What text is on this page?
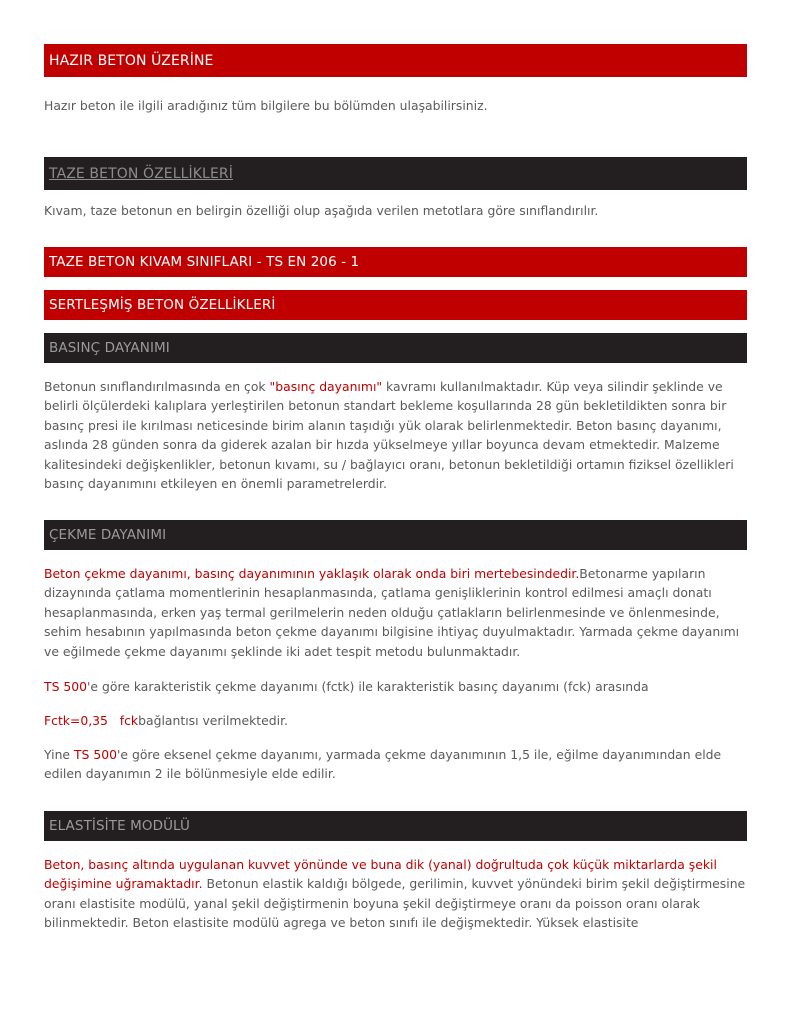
HAZIR BETON ÜZERİNE

Hazır beton ile ilgili aradığınız tüm bilgilere bu bölümden ulaşabilirsiniz.

TAZE BETON ÖZELLİKLERİ

Kıvam, taze betonun en belirgin özelliği olup aşağıda verilen metotlara göre sınıflandırılır.

TAZE BETON KIVAM SINIFLARI - TS EN 206 - 1
SERTLEŞMİŞ BETON ÖZELLİKLERİ
BASINÇ DAYANIMI

Betonun sınıflandırılmasında en çok "basınç dayanımı" kavramı kullanılmaktadır. Küp veya silindir şeklinde ve belirli ölçülerdeki kalıplara yerleştirilen betonun standart bekleme koşullarında 28 gün bekletildikten sonra bir basınç presi ile kırılması neticesinde birim alanın taşıdığı yük olarak belirlenmektedir. Beton basınç dayanımı, aslında 28 günden sonra da giderek azalan bir hızda yükselmeye yıllar boyunca devam etmektedir. Malzeme kalitesindeki değişkenlikler, betonun kıvamı, su / bağlayıcı oranı, betonun bekletildiği ortamın fiziksel özellikleri basınç dayanımını etkileyen en önemli parametrelerdir.

ÇEKME DAYANIMI

Beton çekme dayanımı, basınç dayanımının yaklaşık olarak onda biri mertebesindedir.Betonarme yapıların dizaynında çatlama momentlerinin hesaplanmasında, çatlama genişliklerinin kontrol edilmesi amaçlı donatı hesaplanmasında, erken yaş termal gerilmelerin neden olduğu çatlakların belirlenmesinde ve önlenmesinde, sehim hesabının yapılmasında beton çekme dayanımı bilgisine ihtiyaç duyulmaktadır. Yarmada çekme dayanımı ve eğilmede çekme dayanımı şeklinde iki adet tespit metodu bulunmaktadır.

TS 500'e göre karakteristik çekme dayanımı (fctk) ile karakteristik basınç dayanımı (fck) arasında

Fctk=0,35   fckbağlantısı verilmektedir.

Yine TS 500'e göre eksenel çekme dayanımı, yarmada çekme dayanımının 1,5 ile, eğilme dayanımından elde edilen dayanımın 2 ile bölünmesiyle elde edilir.

ELASTİSİTE MODÜLÜ

Beton, basınç altında uygulanan kuvvet yönünde ve buna dik (yanal) doğrultuda çok küçük miktarlarda şekil değişimine uğramaktadır. Betonun elastik kaldığı bölgede, gerilimin, kuvvet yönündeki birim şekil değiştirmesine oranı elastisite modülü, yanal şekil değiştirmenin boyuna şekil değiştirmeye oranı da poisson oranı olarak bilinmektedir. Beton elastisite modülü agrega ve beton sınıfı ile değişmektedir. Yüksek elastisite
